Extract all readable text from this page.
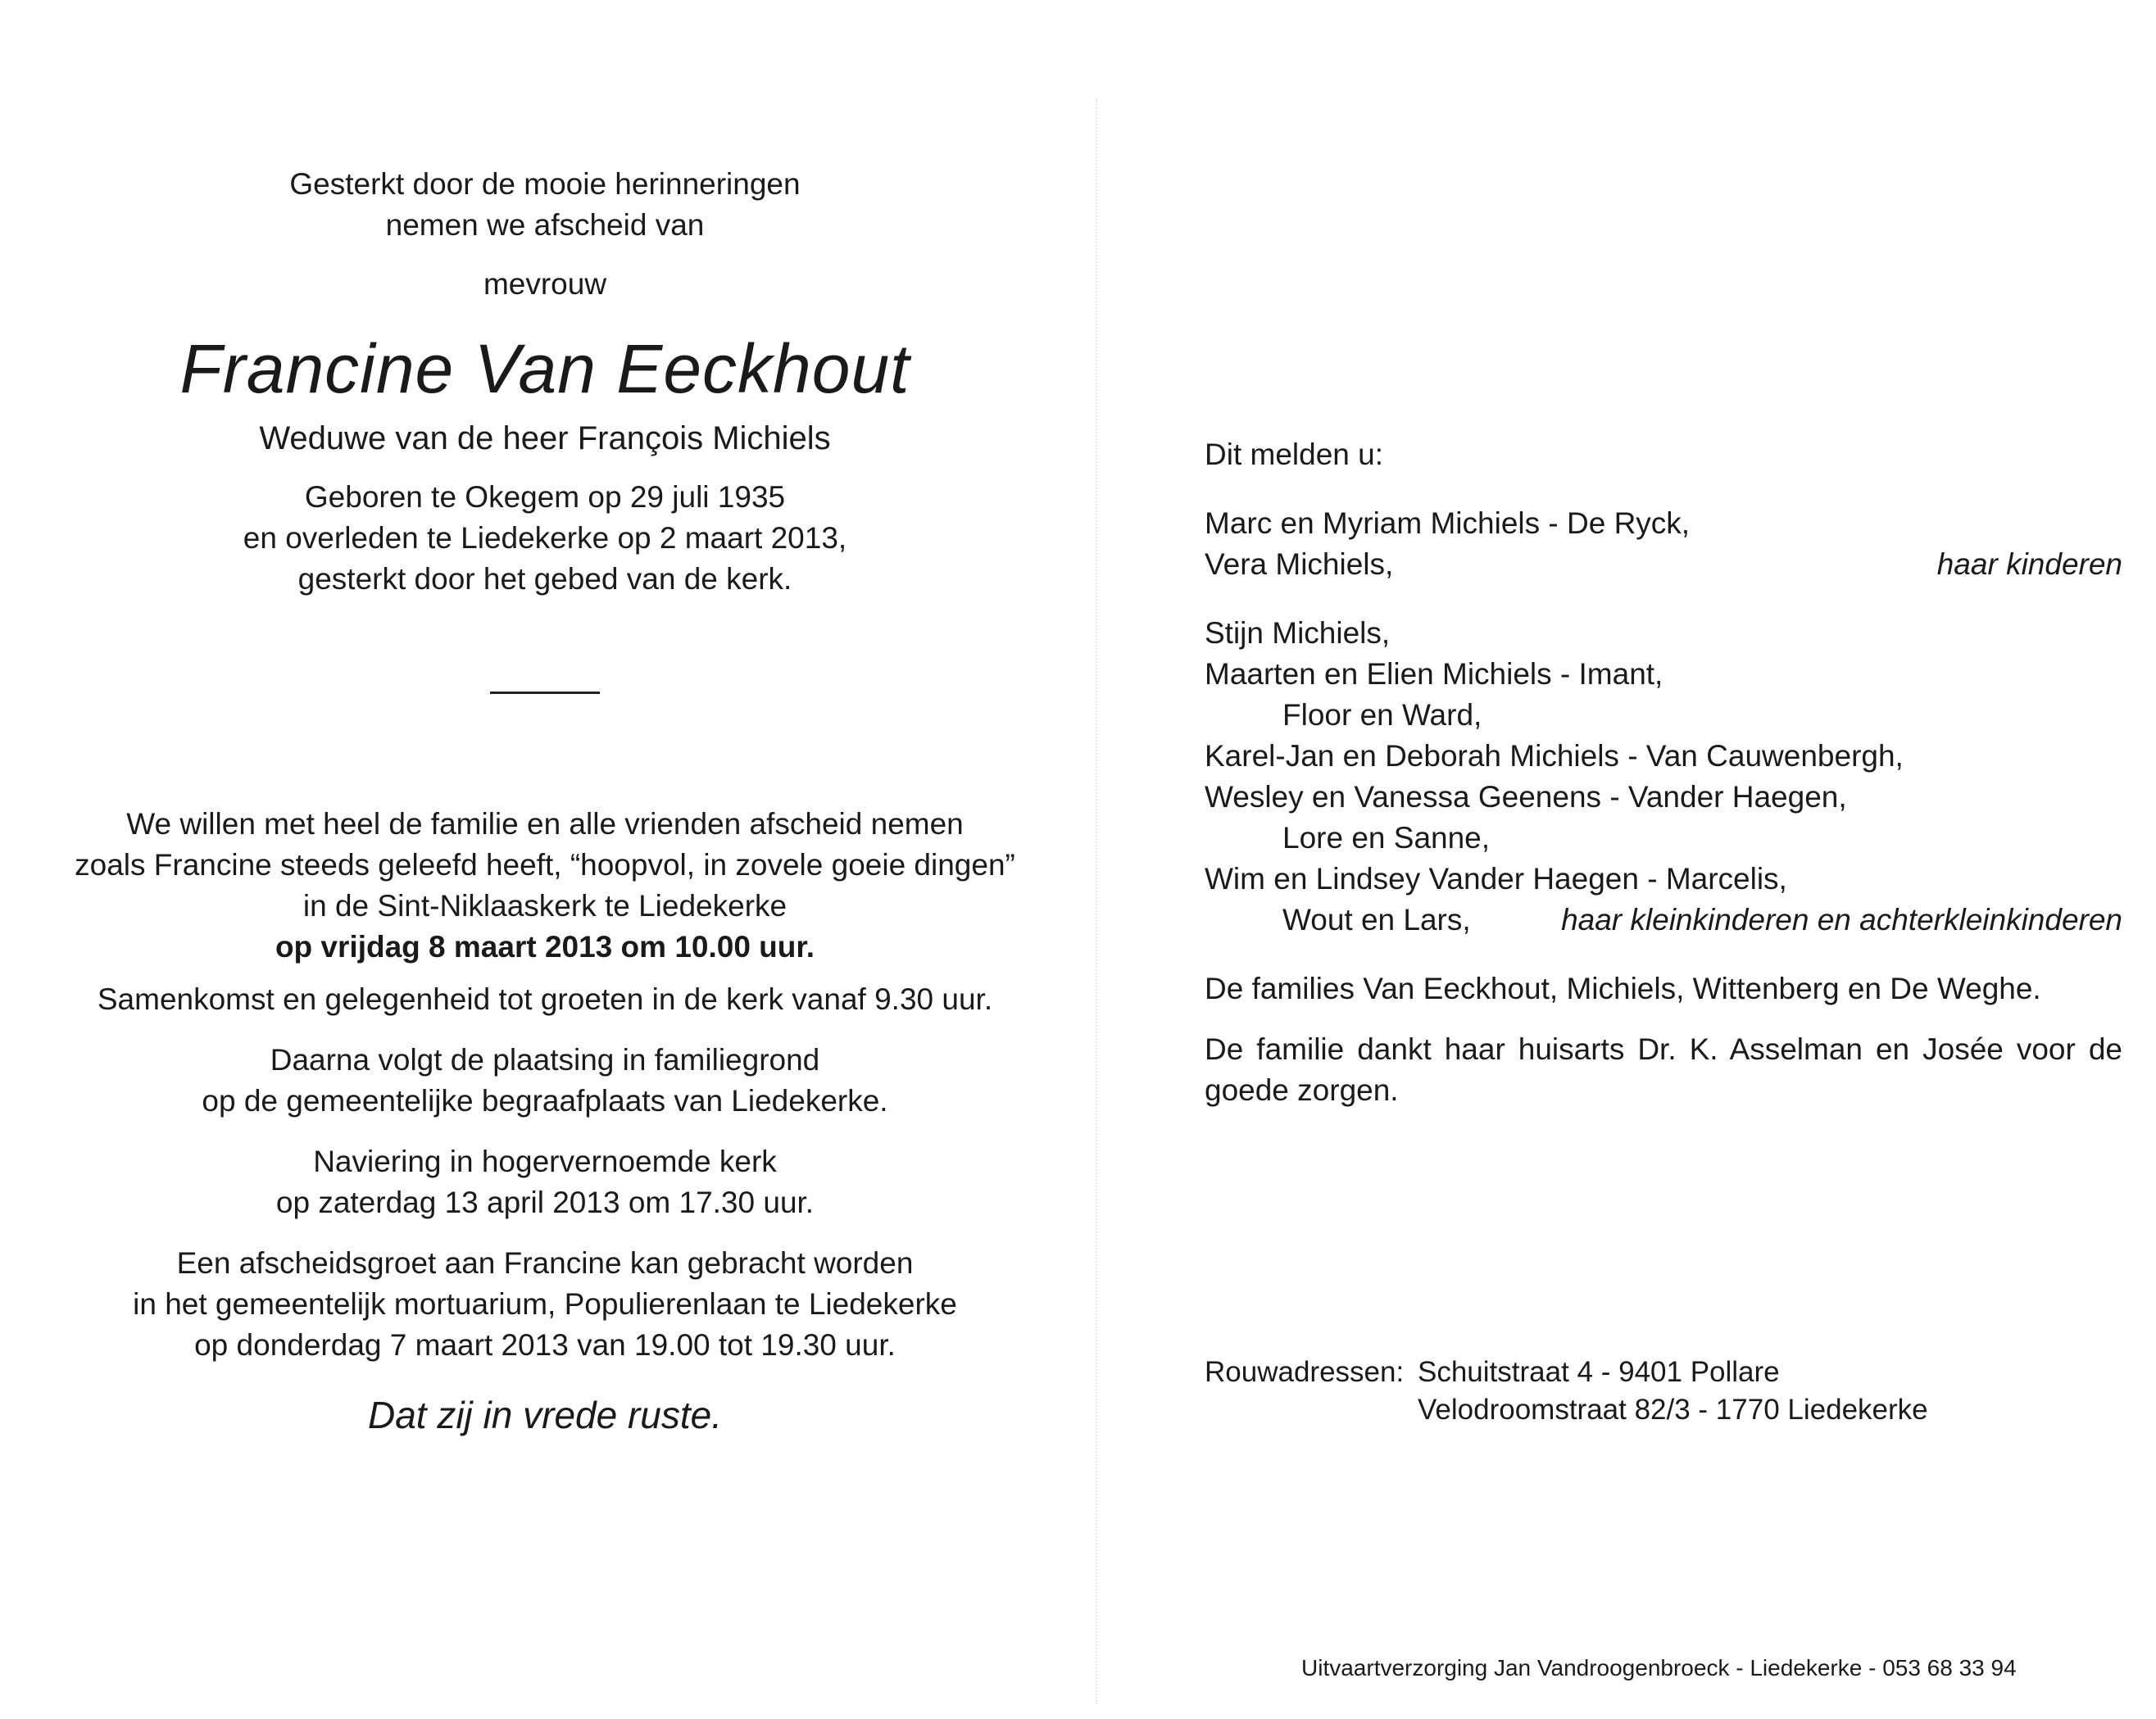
Gesterkt door de mooie herinneringen
nemen we afscheid van
mevrouw
Francine Van Eeckhout
Weduwe van de heer François Michiels
Geboren te Okegem op 29 juli 1935
en overleden te Liedekerke op 2 maart 2013,
gesterkt door het gebed van de kerk.
We willen met heel de familie en alle vrienden afscheid nemen
zoals Francine steeds geleefd heeft, “hoopvol, in zovele goeie dingen”
in de Sint-Niklaaskerk te Liedekerke
op vrijdag 8 maart 2013 om 10.00 uur.
Samenkomst en gelegenheid tot groeten in de kerk vanaf 9.30 uur.
Daarna volgt de plaatsing in familiegrond
op de gemeentelijke begraafplaats van Liedekerke.
Naviering in hogervernoemde kerk
op zaterdag 13 april 2013 om 17.30 uur.
Een afscheidsgroet aan Francine kan gebracht worden
in het gemeentelijk mortuarium, Populierenlaan te Liedekerke
op donderdag 7 maart 2013 van 19.00 tot 19.30 uur.
Dat zij in vrede ruste.
Dit melden u:
Marc en Myriam Michiels - De Ryck,
Vera Michiels,	haar kinderen
Stijn Michiels,
Maarten en Elien Michiels - Imant,
Floor en Ward,
Karel-Jan en Deborah Michiels - Van Cauwenbergh,
Wesley en Vanessa Geenens - Vander Haegen,
Lore en Sanne,
Wim en Lindsey Vander Haegen - Marcelis,
Wout en Lars,	haar kleinkinderen en achterkleinkinderen
De families Van Eeckhout, Michiels, Wittenberg en De Weghe.
De familie dankt haar huisarts Dr. K. Asselman en Josée voor de goede zorgen.
Rouwadressen: Schuitstraat 4 - 9401 Pollare
Velodroomstraat 82/3 - 1770 Liedekerke
Uitvaartverzorging Jan Vandroogenbroeck - Liedekerke - 053 68 33 94
